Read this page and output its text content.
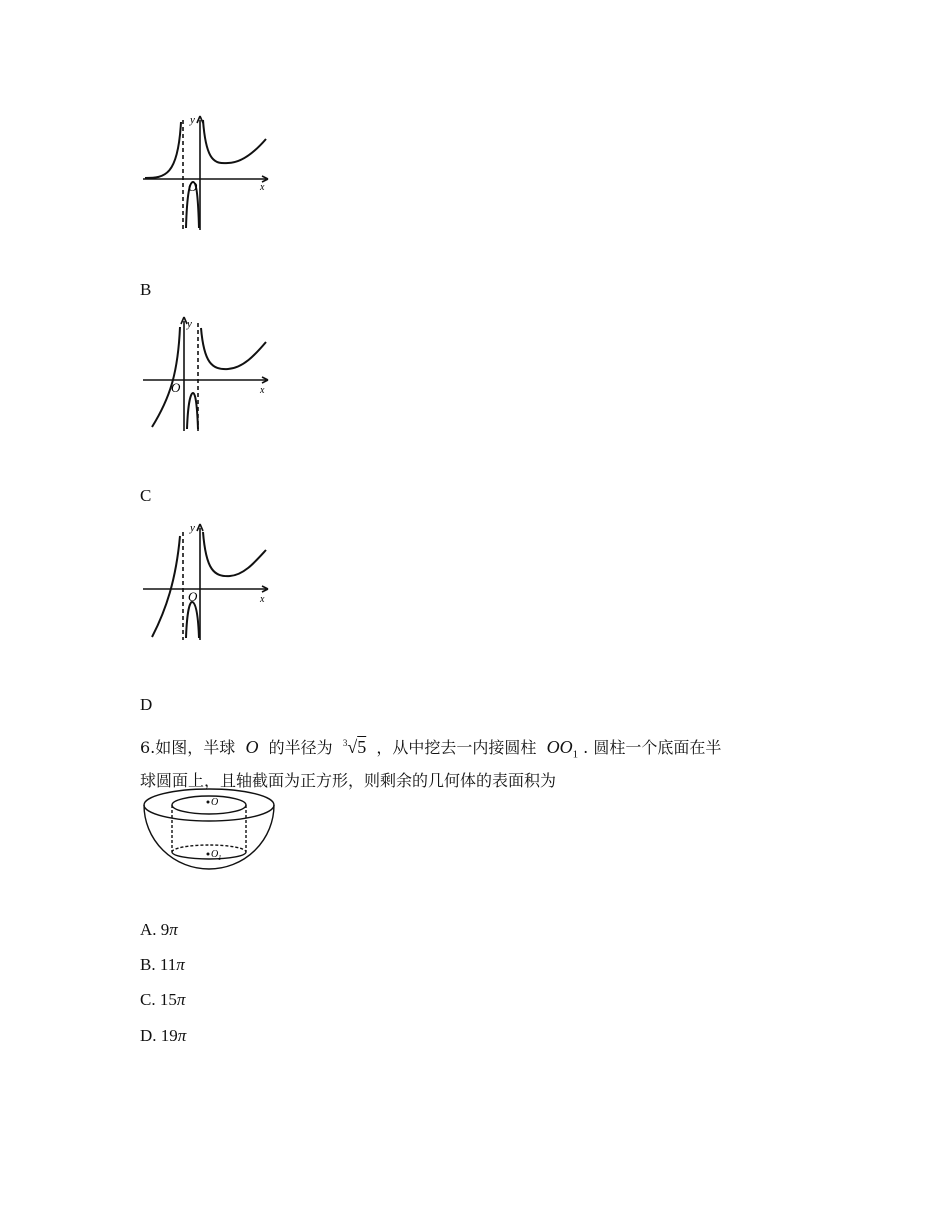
y
x
O
B
y
x
O
C
y
x
O
D
6.如图，半球 O 的半径为 $^3$√5 ，从中挖去一内接圆柱 $OO_1$ . 圆柱一个底面在半
球圆面上，且轴截面为正方形，则剩余的几何体的表面积为
O
O 1
A. 9π
B. 11π
C. 15π
D. 19π
